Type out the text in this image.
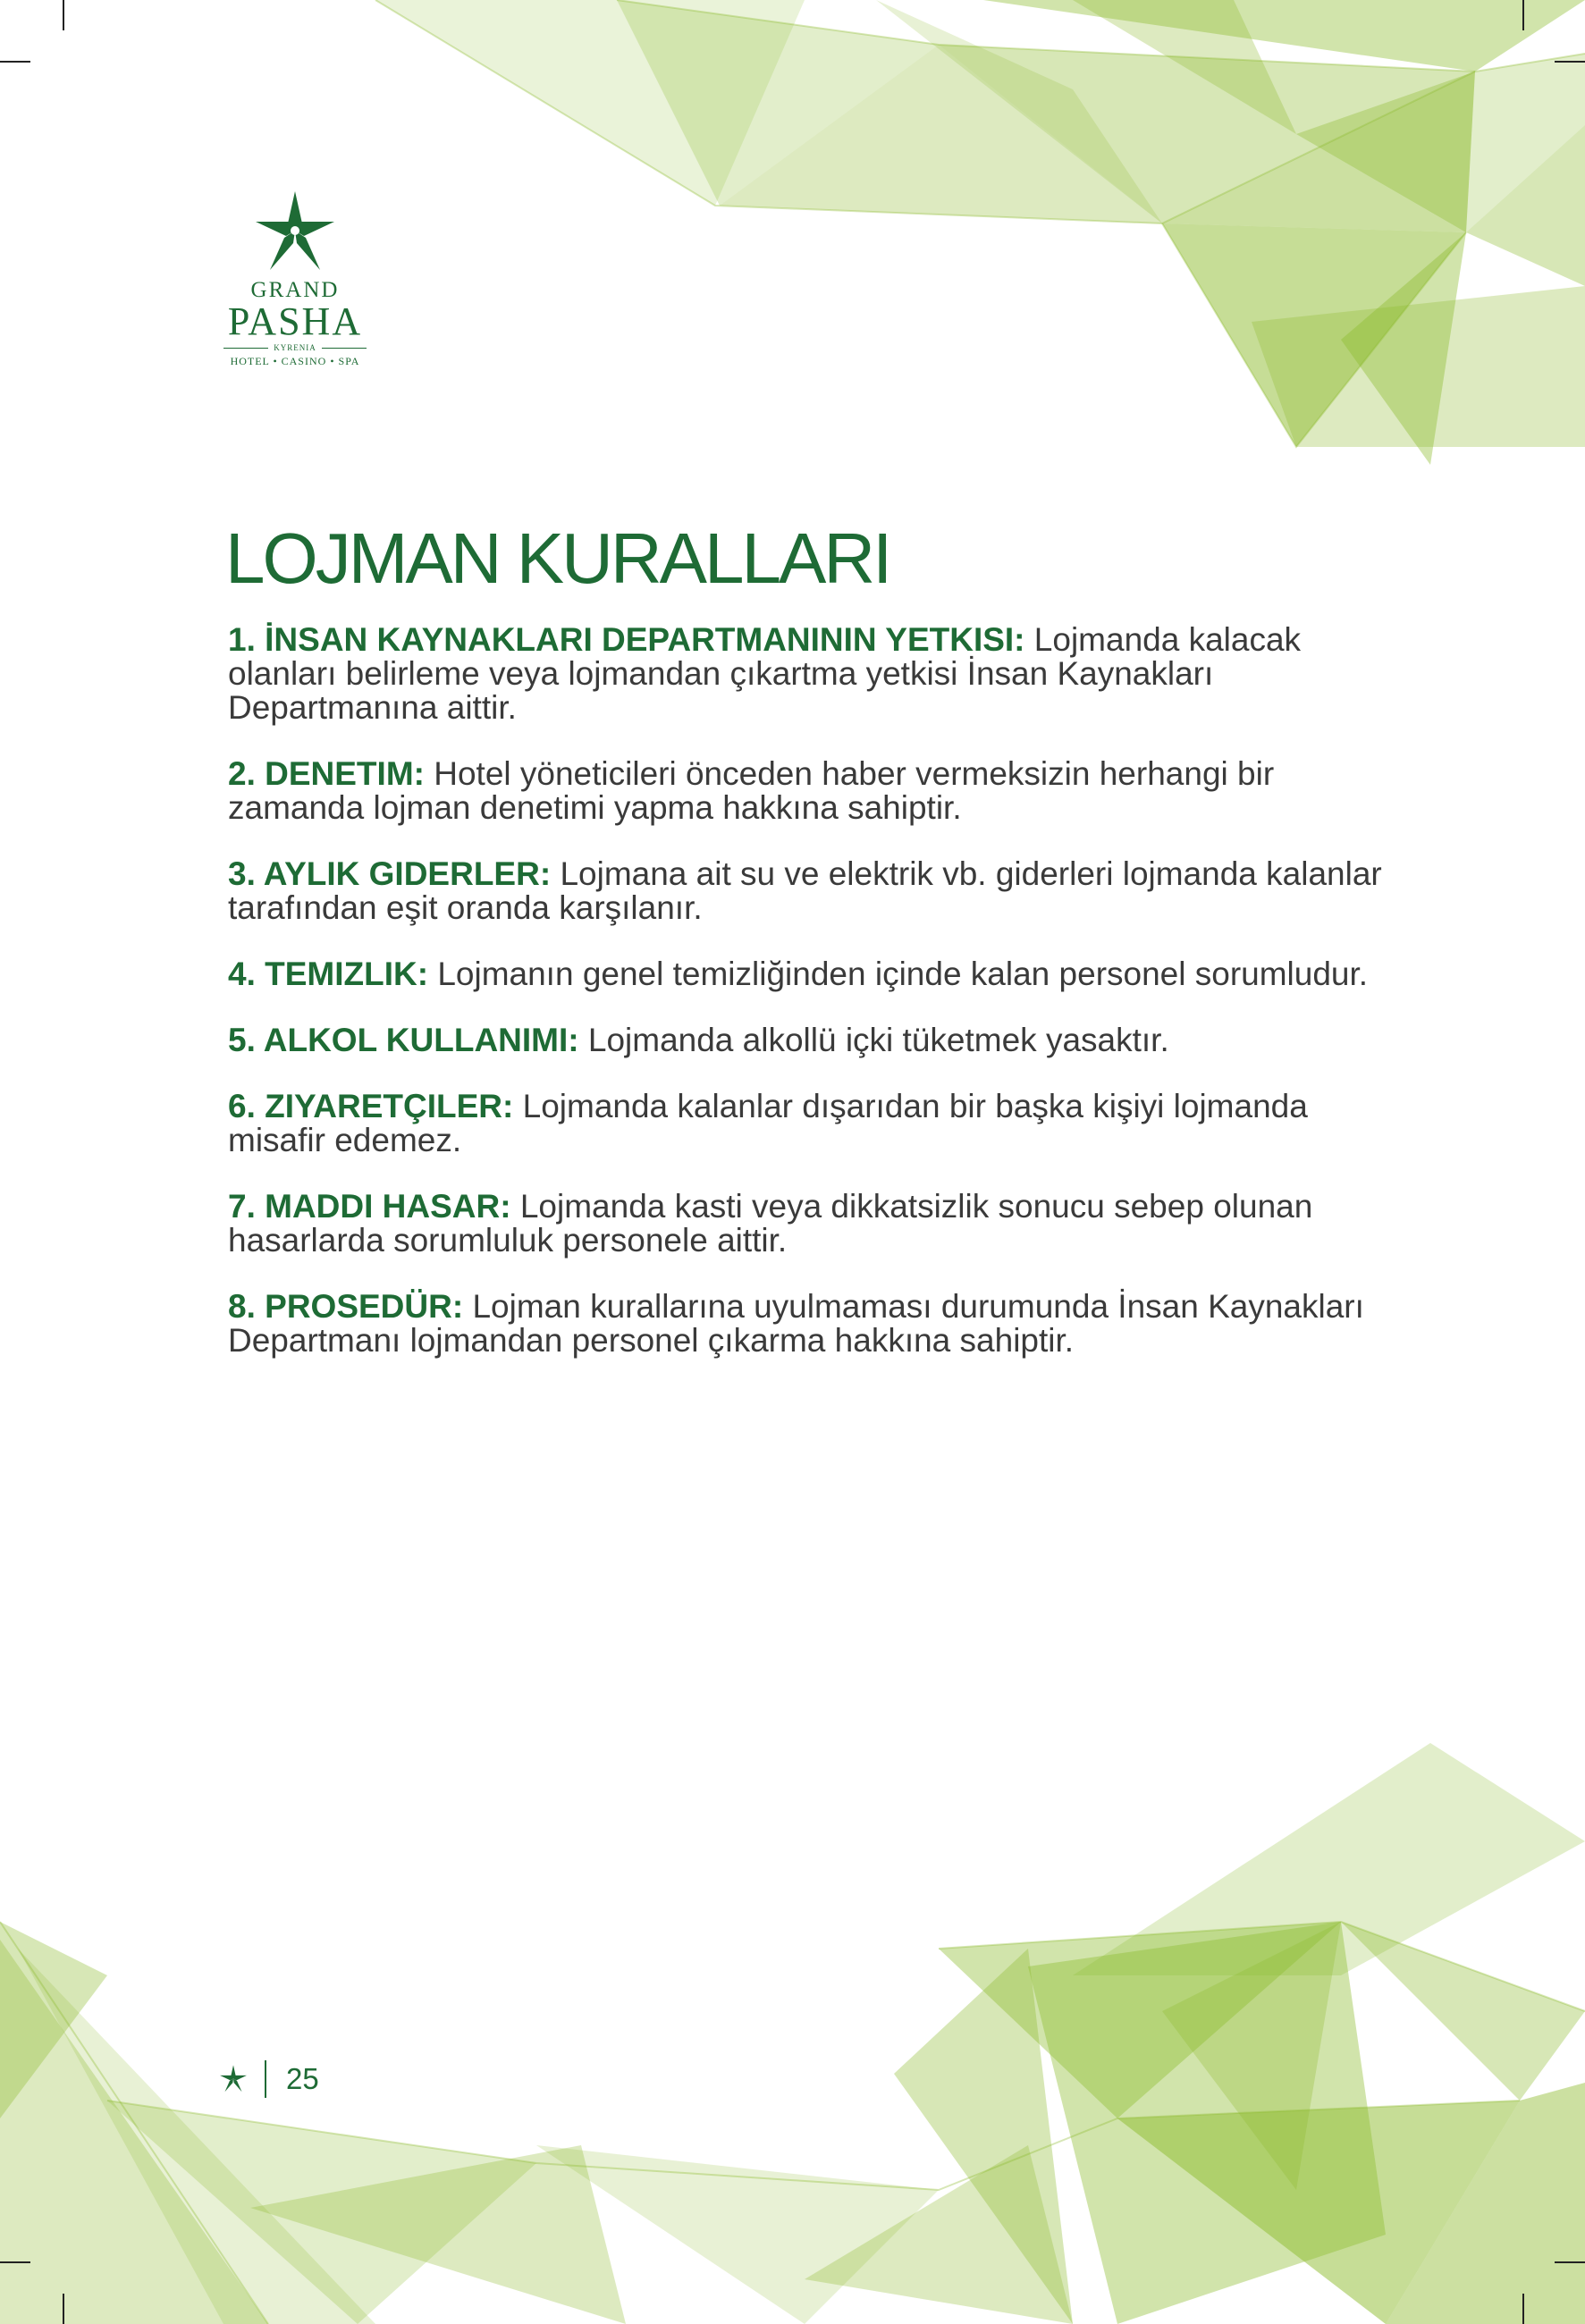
GRAND
PASHA
KYRENIA
HOTEL • CASINO • SPA
LOJMAN KURALLARI

1. İNSAN KAYNAKLARI DEPARTMANININ YETKISI: Lojmanda kalacak olanları belirleme veya lojmandan çıkartma yetkisi İnsan Kaynakları Departmanına aittir.

2. DENETIM: Hotel yöneticileri önceden haber vermeksizin herhangi bir zamanda lojman denetimi yapma hakkına sahiptir.

3. AYLIK GIDERLER: Lojmana ait su ve elektrik vb. giderleri lojmanda kalanlar tarafından eşit oranda karşılanır.

4. TEMIZLIK: Lojmanın genel temizliğinden içinde kalan personel sorumludur.

5. ALKOL KULLANIMI: Lojmanda alkollü içki tüketmek yasaktır.

6. ZIYARETÇILER: Lojmanda kalanlar dışarıdan bir başka kişiyi lojmanda misafir edemez.

7. MADDI HASAR: Lojmanda kasti veya dikkatsizlik sonucu sebep olunan hasarlarda sorumluluk personele aittir.

8. PROSEDÜR: Lojman kurallarına uyulmaması durumunda İnsan Kaynakları Departmanı lojmandan personel çıkarma hakkına sahiptir.

25
